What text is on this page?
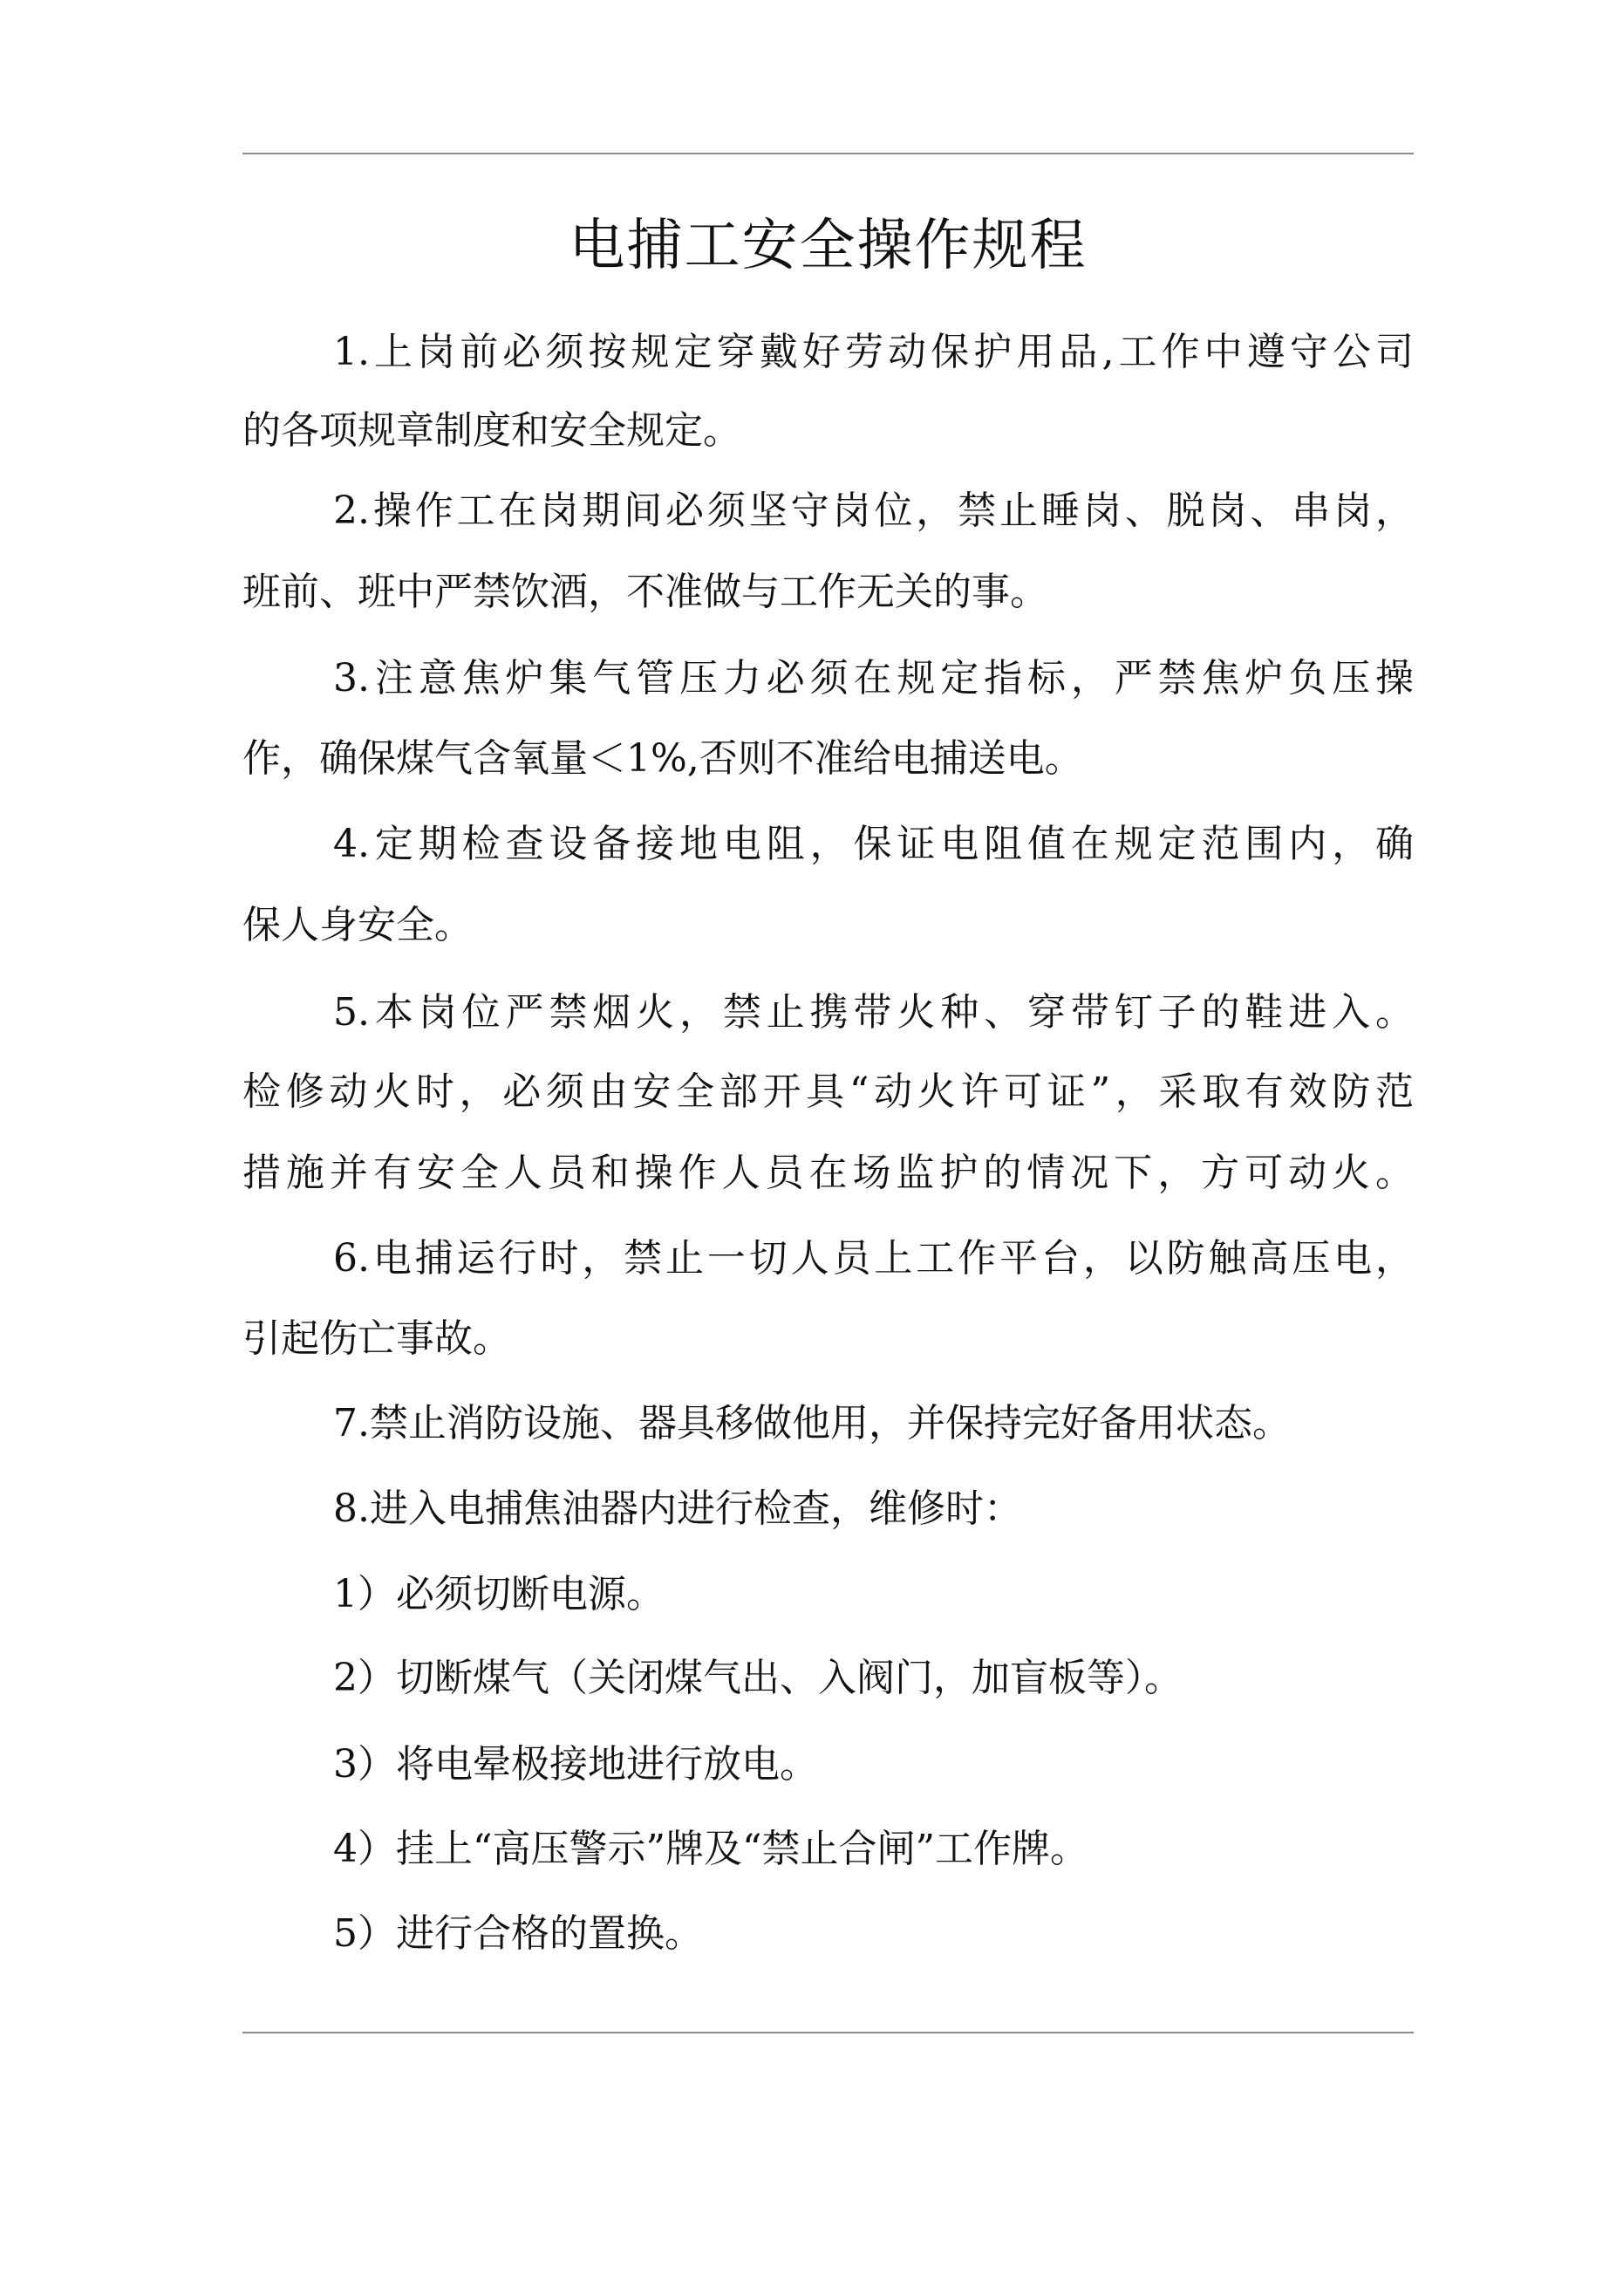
电捕工安全操作规程

1.上岗前必须按规定穿戴好劳动保护用品,工作中遵守公司

的各项规章制度和安全规定。

2.操作工在岗期间必须坚守岗位，禁止睡岗、脱岗、串岗，

班前、班中严禁饮酒，不准做与工作无关的事。

3.注意焦炉集气管压力必须在规定指标，严禁焦炉负压操

作，确保煤气含氧量＜1%,否则不准给电捕送电。

4.定期检查设备接地电阻，保证电阻值在规定范围内，确

保人身安全。

5.本岗位严禁烟火，禁止携带火种、穿带钉子的鞋进入。

检修动火时，必须由安全部开具“动火许可证”，采取有效防范

措施并有安全人员和操作人员在场监护的情况下，方可动火。

6.电捕运行时，禁止一切人员上工作平台，以防触高压电，

引起伤亡事故。

7.禁止消防设施、器具移做他用，并保持完好备用状态。

8.进入电捕焦油器内进行检查，维修时：

1）必须切断电源。

2）切断煤气（关闭煤气出、入阀门，加盲板等）。

3）将电晕极接地进行放电。

4）挂上“高压警示”牌及“禁止合闸”工作牌。

5）进行合格的置换。
